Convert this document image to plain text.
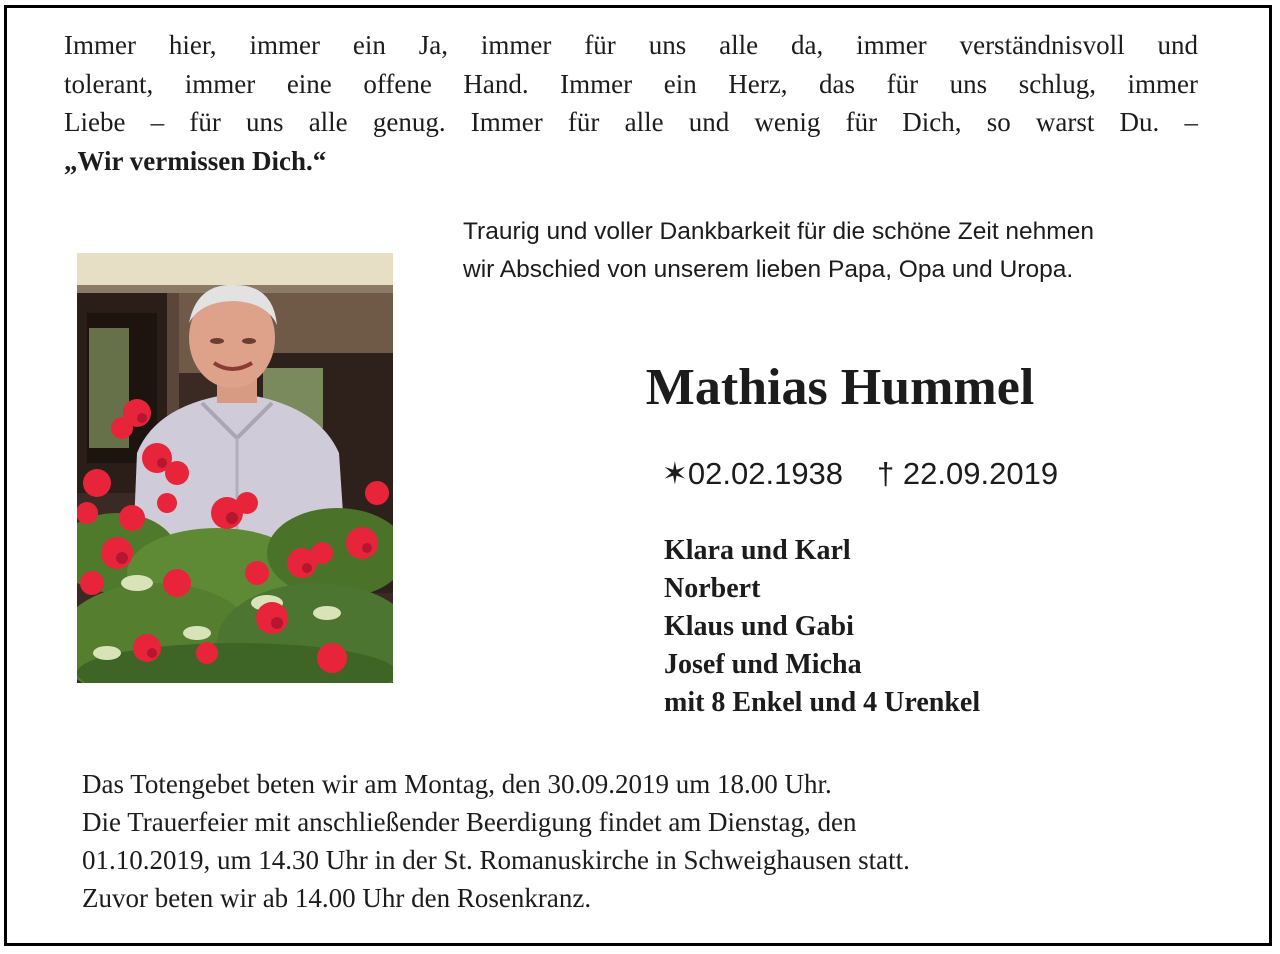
Immer hier, immer ein Ja, immer für uns alle da, immer verständnisvoll und
tolerant, immer eine offene Hand. Immer ein Herz, das für uns schlug, immer
Liebe – für uns alle genug. Immer für alle und wenig für Dich, so warst Du. –
„Wir vermissen Dich.“
Traurig und voller Dankbarkeit für die schöne Zeit nehmen
wir Abschied von unserem lieben Papa, Opa und Uropa.
Mathias Hummel
✶02.02.1938 † 22.09.2019
Klara und Karl
Norbert
Klaus und Gabi
Josef und Micha
mit 8 Enkel und 4 Urenkel
Das Totengebet beten wir am Montag, den 30.09.2019 um 18.00 Uhr.
Die Trauerfeier mit anschließender Beerdigung findet am Dienstag, den
01.10.2019, um 14.30 Uhr in der St. Romanuskirche in Schweighausen statt.
Zuvor beten wir ab 14.00 Uhr den Rosenkranz.
